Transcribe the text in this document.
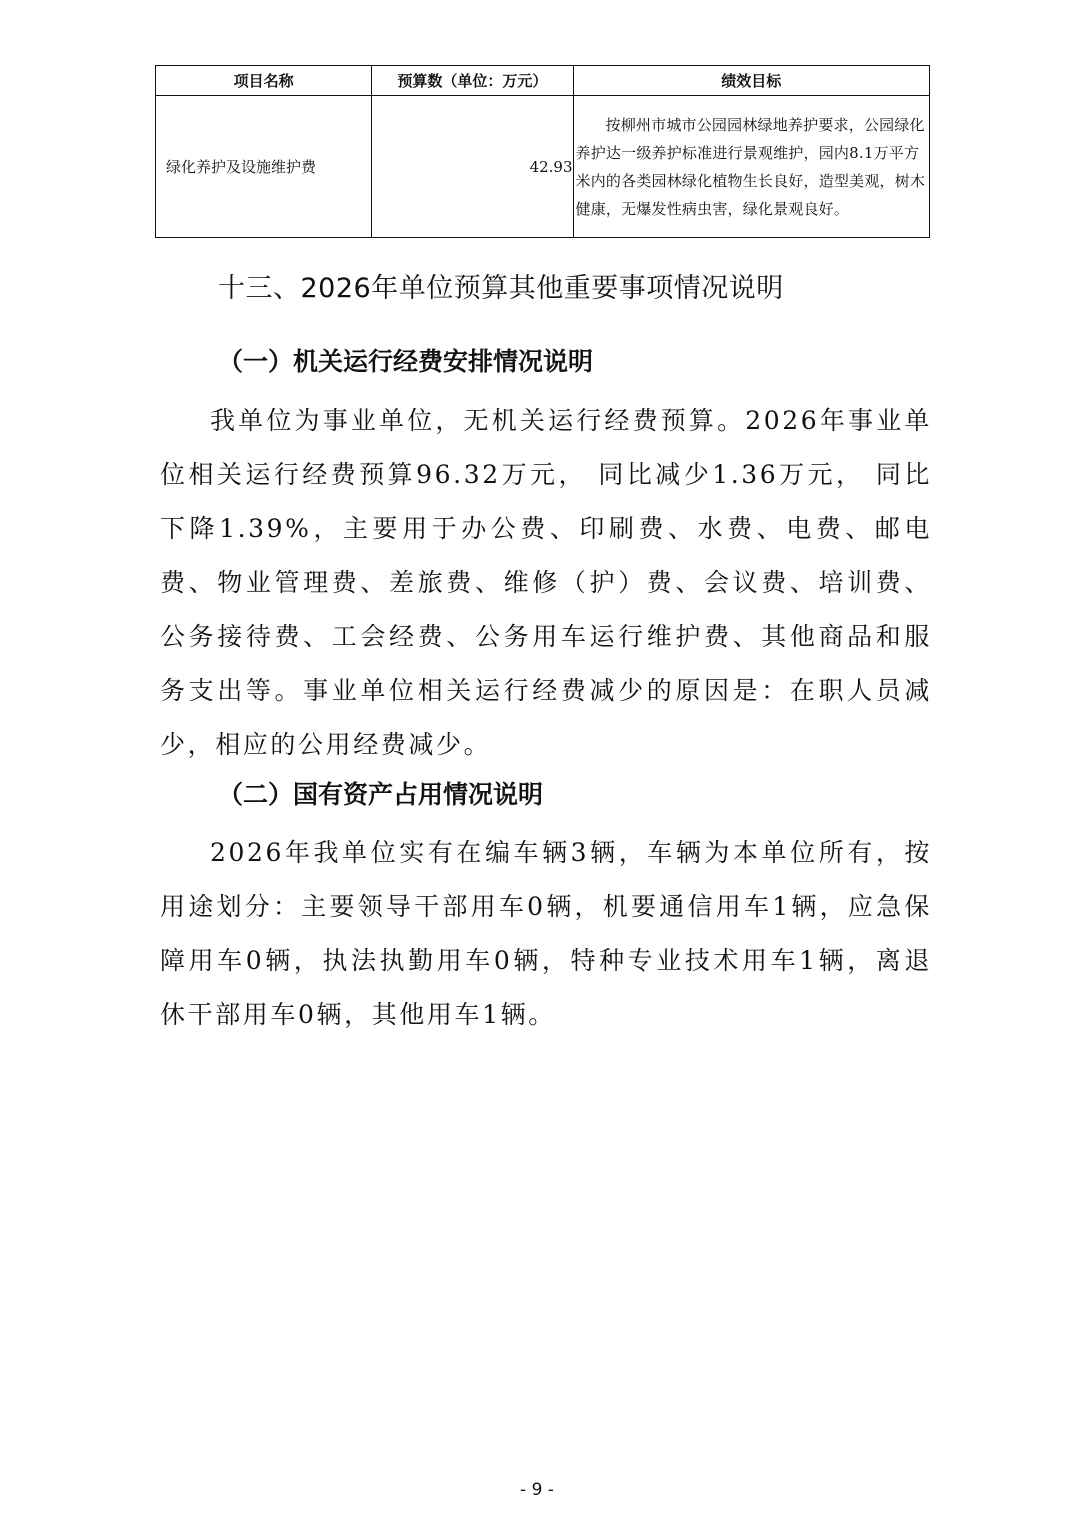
项目名称	预算数（单位：万元）	绩效目标
绿化养护及设施维护费	42.93	按柳州市城市公园园林绿地养护要求，公园绿化养护达一级养护标准进行景观维护，园内8.1万平方米内的各类园林绿化植物生长良好，造型美观，树木健康，无爆发性病虫害，绿化景观良好。
十三、2026年单位预算其他重要事项情况说明
（一）机关运行经费安排情况说明

我单位为事业单位，无机关运行经费预算。2026年事业单位相关运行经费预算96.32万元， 同比减少1.36万元， 同比下降1.39%，主要用于办公费、印刷费、水费、电费、邮电费、物业管理费、差旅费、维修（护）费、会议费、培训费、公务接待费、工会经费、公务用车运行维护费、其他商品和服务支出等。事业单位相关运行经费减少的原因是：在职人员减少，相应的公用经费减少。

（二）国有资产占用情况说明

2026年我单位实有在编车辆3辆，车辆为本单位所有，按用途划分：主要领导干部用车0辆，机要通信用车1辆，应急保障用车0辆，执法执勤用车0辆，特种专业技术用车1辆，离退休干部用车0辆，其他用车1辆。

- 9 -
